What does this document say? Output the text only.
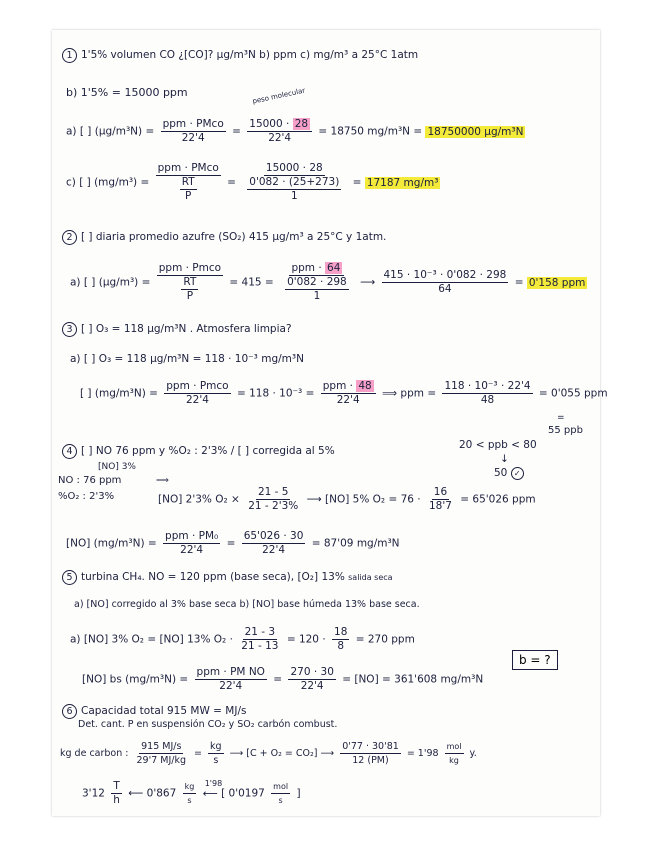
1 1'5% volumen CO ¿[CO]? μg/m³N b) ppm c) mg/m³ a 25°C 1atm
b) 1'5% = 15000 ppm	peso molecular
a) [ ] $(\mu g/m^3N) = \frac{\text{ppm · PMco}}{22'4} = \frac{15000 \cdot 28}{22'4} = 18750$ mg/m³N = 18750000 μg/m³N
c) [ ] $(mg/m^3) = \frac{\text{ppm · PMco}}{\frac{RT}{P}} = \frac{15000 \cdot 28}{\frac{0'082 \cdot (25+273)}{1}} = 17187$ mg/m³
2 [ ] diaria promedio azufre (SO₂) 415 μg/m³ a 25°C y 1atm.
a) [ ] $(\mu g/m^3) = \frac{\text{ppm · Pmco}}{\frac{RT}{P}} = 415 = \frac{\text{ppm · 64}}{\frac{0'082 \cdot 298}{1}}$ ⟶ $\frac{\text{415 · 10⁻³ · 0'082 · 298}}{64} = 0'158$ ppm
3 [ ] O₃ = 118 μg/m³N . Atmosfera limpia?
a) [ ] O₃ = 118 μg/m³N = 118 · 10⁻³ mg/m³N
[ ] $(mg/m^3N) = \frac{\text{ppm · Pmco}}{22'4} = 118 \cdot 10^{-3} = \frac{\text{ppm · 48}}{22'4}$ ⟹ ppm = $\frac{\text{118 · 10⁻³ · 22'4}}{48} = 0'055$ ppm
=
55 ppb
4 [ ] NO 76 ppm y %O₂ : 2'3% / [ ] corregida al 5%	20 < ppb < 80
↓
50 ✓
[NO] 3%
NO : 76 ppm
%O₂ : 2'3%
⟹
[NO] 2'3% $O_2 \times \frac{21 - 5}{21 - 2'3\%}$ ⟶ [NO] 5% $O_2 = 76 \cdot \frac{16}{18'7} = 65'026$ ppm
[NO] $(mg/m^3N) = \frac{\text{ppm · PM₀}}{22'4} = \frac{65'026 \cdot 30}{22'4} = 87'09$ mg/m³N
5 turbina CH₄. NO = 120 ppm (base seca), [O₂] 13% salida seca
a) [NO] corregido al 3% base seca b) [NO] base húmeda 13% base seca.
a) [NO] 3% O₂ = [NO] 13% $O_2 \cdot \frac{21 - 3}{21 - 13} = 120 \cdot \frac{18}{8} = 270$ ppm
b = ?
[NO] bs $(mg/m^3N) = \frac{\text{ppm · PM NO}}{22'4} = \frac{270 \cdot 30}{22'4} = [NO] = 361'608$ mg/m³N
6 Capacidad total 915 MW = MJ/s
Det. cant. P en suspensión CO₂ y SO₂ carbón combust.
kg de carbon : $\frac{915 MJ/s}{29'7 MJ/kg} = \frac{kg}{s}$ ⟶ [C + O₂ = CO₂] ⟶ $\frac{0'77 \cdot 30'81}{12 (PM)} = 1'98 \frac{\text{mol}}{kg} y$.
$3'12 \frac{T}{h}$ ⟵ $0'867 \frac{kg}{s}$
1'98
⟵ [ $0'0197 \frac{\text{mol}}{s}$ ]
